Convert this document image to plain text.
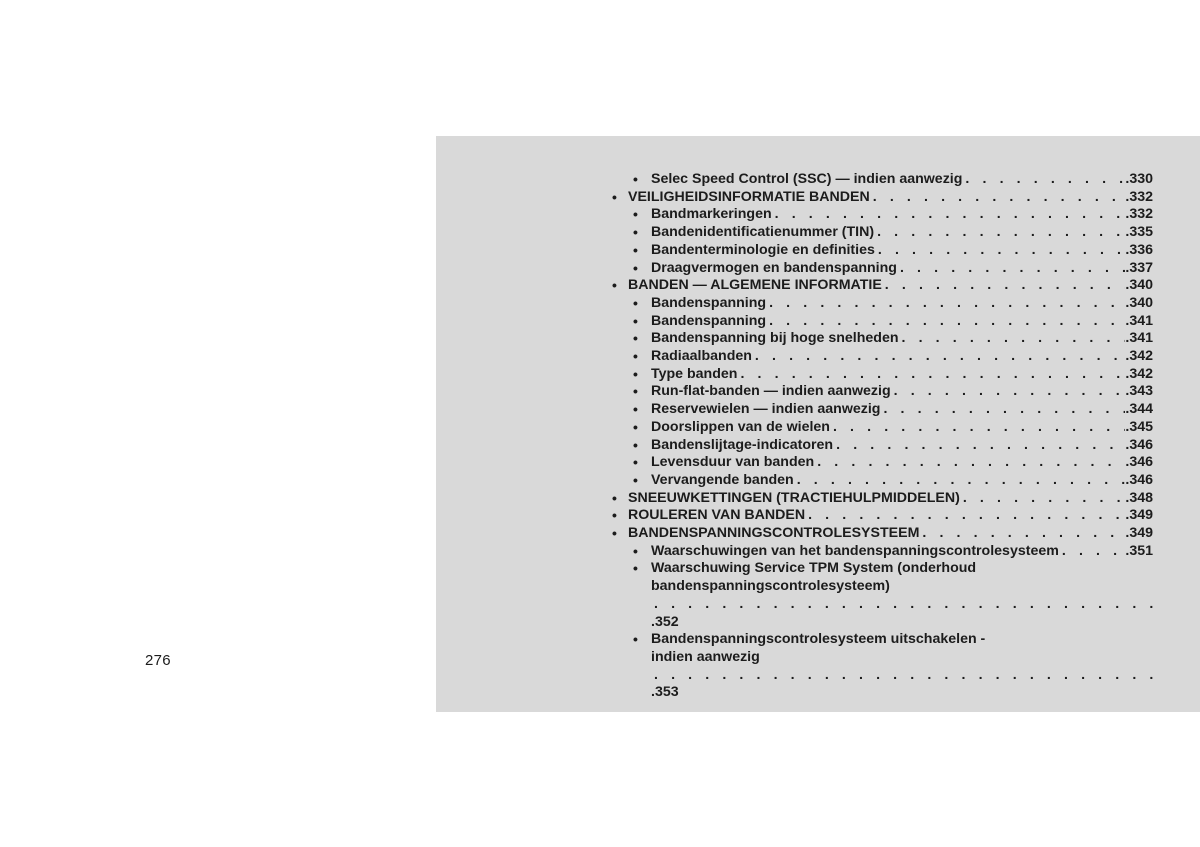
• Selec Speed Control (SSC) — indien aanwezig . . .	.330
• VEILIGHEIDSINFORMATIE BANDEN . . .	.332
• Bandmarkeringen . . .	.332
• Bandenidentificatienummer (TIN) . . .	.335
• Bandenterminologie en definities . . .	.336
• Draagvermogen en bandenspanning . . .	.337
• BANDEN — ALGEMENE INFORMATIE . . .	.340
• Bandenspanning . . .	.340
• Bandenspanning . . .	.341
• Bandenspanning bij hoge snelheden . . .	.341
• Radiaalbanden . . .	.342
• Type banden . . .	.342
• Run-flat-banden — indien aanwezig . . .	.343
• Reservewielen — indien aanwezig . . .	.344
• Doorslippen van de wielen . . .	.345
• Bandenslijtage-indicatoren . . .	.346
• Levensduur van banden . . .	.346
• Vervangende banden . . .	.346
• SNEEUWKETTINGEN (TRACTIEHULPMIDDELEN) . . .	.348
• ROULEREN VAN BANDEN . . .	.349
• BANDENSPANNINGSCONTROLESYSTEEM . . .	.349
• Waarschuwingen van het bandenspanningscontrolesysteem . . .	.351
• Waarschuwing Service TPM System (onderhoud
bandenspanningscontrolesysteem)
. . .
.352
• Bandenspanningscontrolesysteem uitschakelen -
indien aanwezig
. . .
.353
276
